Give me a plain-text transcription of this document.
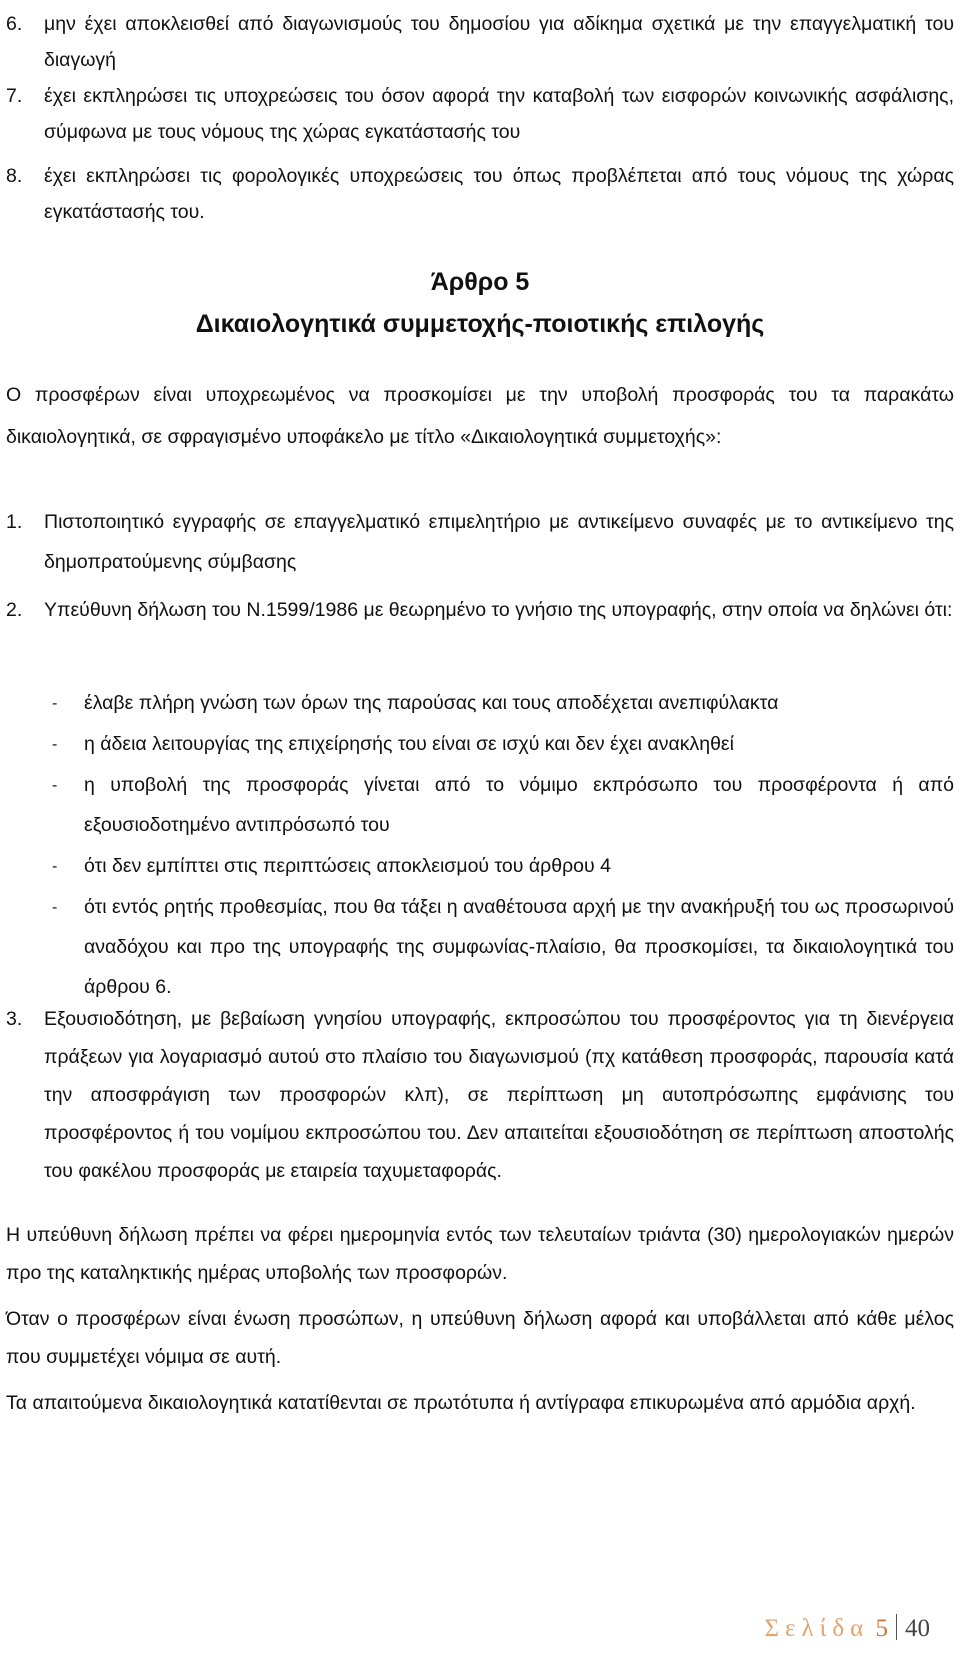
6.	μην έχει αποκλεισθεί από διαγωνισμούς του δημοσίου για αδίκημα σχετικά με την επαγγελματική του διαγωγή
7.	έχει εκπληρώσει τις υποχρεώσεις του όσον αφορά την καταβολή των εισφορών κοινωνικής ασφάλισης, σύμφωνα με τους νόμους της χώρας εγκατάστασής του
8.	έχει εκπληρώσει τις φορολογικές υποχρεώσεις του όπως προβλέπεται από τους νόμους της χώρας εγκατάστασής του.
Άρθρο 5
Δικαιολογητικά συμμετοχής-ποιοτικής επιλογής
Ο προσφέρων είναι υποχρεωμένος να προσκομίσει με την υποβολή προσφοράς του τα παρακάτω δικαιολογητικά, σε σφραγισμένο υποφάκελο με τίτλο «Δικαιολογητικά συμμετοχής»:
1.	Πιστοποιητικό εγγραφής σε επαγγελματικό επιμελητήριο με αντικείμενο συναφές με το αντικείμενο της δημοπρατούμενης σύμβασης
2.	Υπεύθυνη δήλωση του Ν.1599/1986 με θεωρημένο το γνήσιο της υπογραφής, στην οποία να δηλώνει ότι:
- έλαβε πλήρη γνώση των όρων της παρούσας και τους αποδέχεται ανεπιφύλακτα
- η άδεια λειτουργίας της επιχείρησής του είναι σε ισχύ και δεν έχει ανακληθεί
- η υποβολή της προσφοράς γίνεται από το νόμιμο εκπρόσωπο του προσφέροντα ή από εξουσιοδοτημένο αντιπρόσωπό του
- ότι δεν εμπίπτει στις περιπτώσεις αποκλεισμού του άρθρου 4
- ότι εντός ρητής προθεσμίας, που θα τάξει η αναθέτουσα αρχή με την ανακήρυξή του ως προσωρινού αναδόχου και προ της υπογραφής της συμφωνίας-πλαίσιο, θα προσκομίσει, τα δικαιολογητικά του άρθρου 6.
3.	Εξουσιοδότηση, με βεβαίωση γνησίου υπογραφής, εκπροσώπου του προσφέροντος για τη διενέργεια πράξεων για λογαριασμό αυτού στο πλαίσιο του διαγωνισμού (πχ κατάθεση προσφοράς, παρουσία κατά την αποσφράγιση των προσφορών κλπ), σε περίπτωση μη αυτοπρόσωπης εμφάνισης του προσφέροντος ή του νομίμου εκπροσώπου του. Δεν απαιτείται εξουσιοδότηση σε περίπτωση αποστολής του φακέλου προσφοράς με εταιρεία ταχυμεταφοράς.
Η υπεύθυνη δήλωση πρέπει να φέρει ημερομηνία εντός των τελευταίων τριάντα (30) ημερολογιακών ημερών προ της καταληκτικής ημέρας υποβολής των προσφορών.
Όταν ο προσφέρων είναι ένωση προσώπων, η υπεύθυνη δήλωση αφορά και υποβάλλεται από κάθε μέλος που συμμετέχει νόμιμα σε αυτή.
Τα απαιτούμενα δικαιολογητικά κατατίθενται σε πρωτότυπα ή αντίγραφα επικυρωμένα από αρμόδια αρχή.
Σελίδα 5 40
